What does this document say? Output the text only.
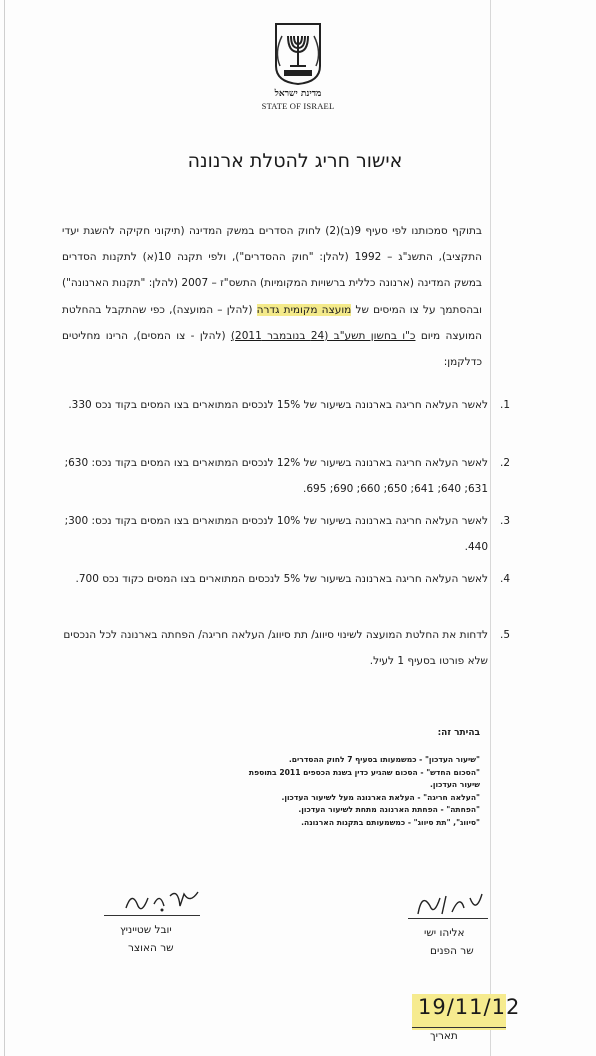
מדינת ישראל
STATE OF ISRAEL
אישור חריג להטלת ארנונה
בתוקף סמכותנו לפי סעיף 9(ב)(2) לחוק הסדרים במשק המדינה (תיקוני חקיקה להשגת יעדי התקציב), התשנ"ג – 1992 (להלן: "חוק ההסדרים"), ולפי תקנה 10(א) לתקנות הסדרים במשק המדינה (ארנונה כללית ברשויות המקומיות) התשס"ז – 2007 (להלן: "תקנות הארנונה") ובהסתמך על צו המיסים של מועצה מקומית גדרה (להלן – המועצה), כפי שהתקבל בהחלטת המועצה מיום כ"ו בחשון תשע"ב (24 בנובמבר 2011) (להלן - צו המסים), הרינו מחליטים כדלקמן:
1.
לאשר העלאה חריגה בארנונה בשיעור של 15% לנכסים המתוארים בצו המסים בקוד נכס 330.
2.
לאשר העלאה חריגה בארנונה בשיעור של 12% לנכסים המתוארים בצו המסים בקוד נכס: 630; 631; 640; 641; 650; 660; 690; 695.
3.
לאשר העלאה חריגה בארנונה בשיעור של 10% לנכסים המתוארים בצו המסים בקוד נכס: 300; 440.
4.
לאשר העלאה חריגה בארנונה בשיעור של 5% לנכסים המתוארים בצו המסים כקוד נכס 700.
5.
לדחות את החלטת המועצה לשינוי סיווג/ תת סיווג/ העלאה חריגה/ הפחתה בארנונה לכל הנכסים שלא פורטו בסעיף 1 לעיל.
בהיתר זה:
"שיעור העדכון" - כמשמעותו בסעיף 7 לחוק ההסדרים.
"הסכום החדש" - הסכום שהגיע כדין בשנת הכספים 2011 בתוספת שיעור העדכון.
"העלאה חריגה" - העלאת הארנונה מעל לשיעור העדכון.
"הפחתה" - הפחתת הארנונה מתחת לשיעור העדכון.
"סיווג", "תת סיווג" - כמשמעותם בתקנות הארנונה.
יובל שטייניץ
שר האוצר
אליהו ישי
שר הפנים
19/11/12
תאריך
